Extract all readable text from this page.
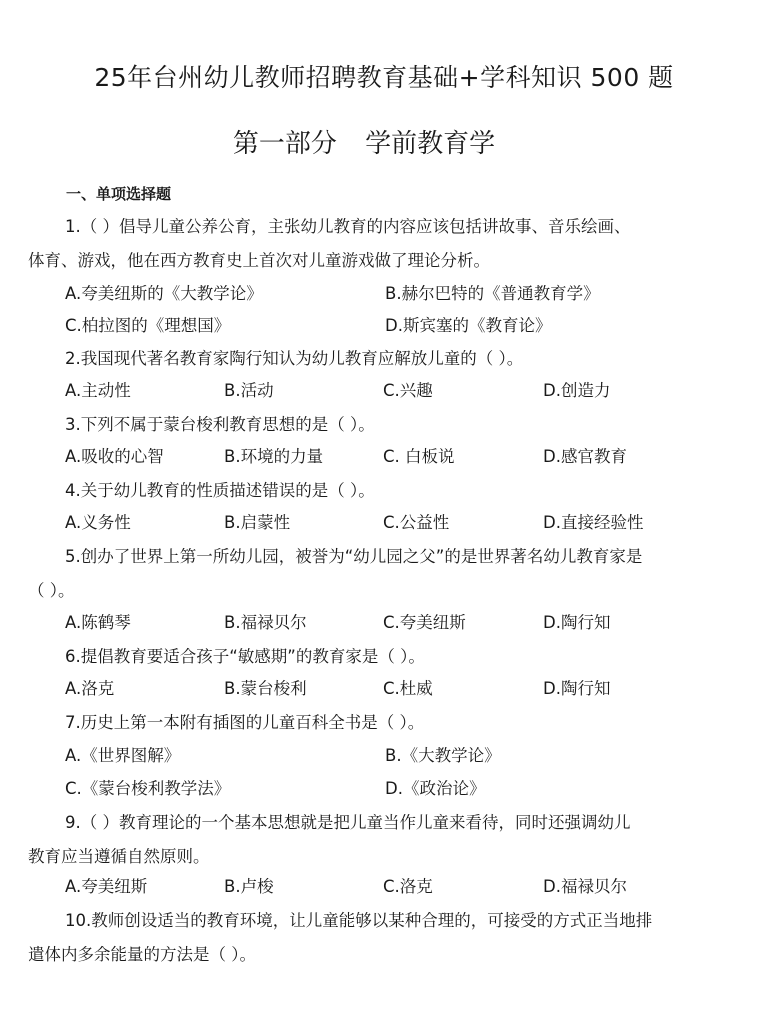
25年台州幼儿教师招聘教育基础+学科知识 500 题
第一部分 学前教育学
一、单项选择题
1.（ ）倡导儿童公养公育，主张幼儿教育的内容应该包括讲故事、音乐绘画、
体育、游戏，他在西方教育史上首次对儿童游戏做了理论分析。
A.夸美纽斯的《大教学论》	B.赫尔巴特的《普通教育学》
C.柏拉图的《理想国》	D.斯宾塞的《教育论》
2.我国现代著名教育家陶行知认为幼儿教育应解放儿童的（ ）。
A.主动性	B.活动	C.兴趣	D.创造力
3.下列不属于蒙台梭利教育思想的是（ ）。
A.吸收的心智	B.环境的力量	C. 白板说	D.感官教育
4.关于幼儿教育的性质描述错误的是（ ）。
A.义务性	B.启蒙性	C.公益性	D.直接经验性
5.创办了世界上第一所幼儿园，被誉为“幼儿园之父”的是世界著名幼儿教育家是
（ ）。
A.陈鹤琴	B.福禄贝尔	C.夸美纽斯	D.陶行知
6.提倡教育要适合孩子“敏感期”的教育家是（ ）。
A.洛克	B.蒙台梭利	C.杜威	D.陶行知
7.历史上第一本附有插图的儿童百科全书是（ ）。
A.《世界图解》	B.《大教学论》
C.《蒙台梭利教学法》	D.《政治论》
9.（ ）教育理论的一个基本思想就是把儿童当作儿童来看待，同时还强调幼儿
教育应当遵循自然原则。
A.夸美纽斯	B.卢梭	C.洛克	D.福禄贝尔
10.教师创设适当的教育环境，让儿童能够以某种合理的，可接受的方式正当地排
遣体内多余能量的方法是（ ）。
